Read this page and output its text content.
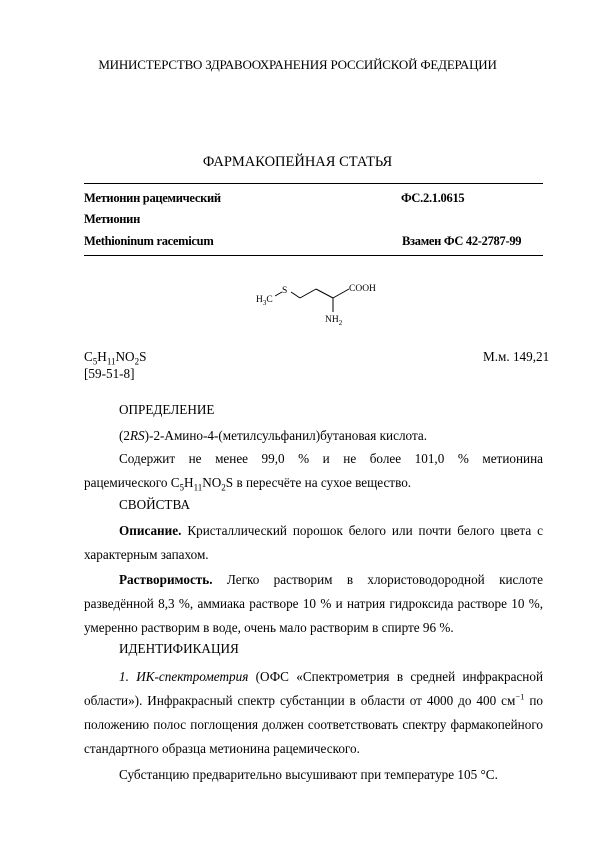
МИНИСТЕРСТВО ЗДРАВООХРАНЕНИЯ РОССИЙСКОЙ ФЕДЕРАЦИИ
ФАРМАКОПЕЙНАЯ СТАТЬЯ
Метионин рацемический	ФС.2.1.0615
Метионин
Methioninum racemicum	Взамен ФС 42-2787-99
$H_3C$
S	COOH
$NH_2$
$C_5H_{11}NO_2S$	М.м. 149,21
[59-51-8]
ОПРЕДЕЛЕНИЕ
(2RS)-2-Амино-4-(метилсульфанил)бутановая кислота.
Содержит не менее 99,0 % и не более 101,0 % метионина
рацемического $C_5H_{11}NO_2S$ в пересчёте на сухое вещество.
СВОЙСТВА
Описание. Кристаллический порошок белого или почти белого цвета с характерным запахом.
Растворимость. Легко растворим в хлористоводородной кислоте разведённой 8,3 %, аммиака растворе 10 % и натрия гидроксида растворе 10 %, умеренно растворим в воде, очень мало растворим в спирте 96 %.
ИДЕНТИФИКАЦИЯ
1. ИК-спектрометрия (ОФС «Спектрометрия в средней инфракрасной области»). Инфракрасный спектр субстанции в области от 4000 до 400 $см^{-1}$ по положению полос поглощения должен соответствовать спектру фармакопейного стандартного образца метионина рацемического.
Субстанцию предварительно высушивают при температуре 105 °С.
